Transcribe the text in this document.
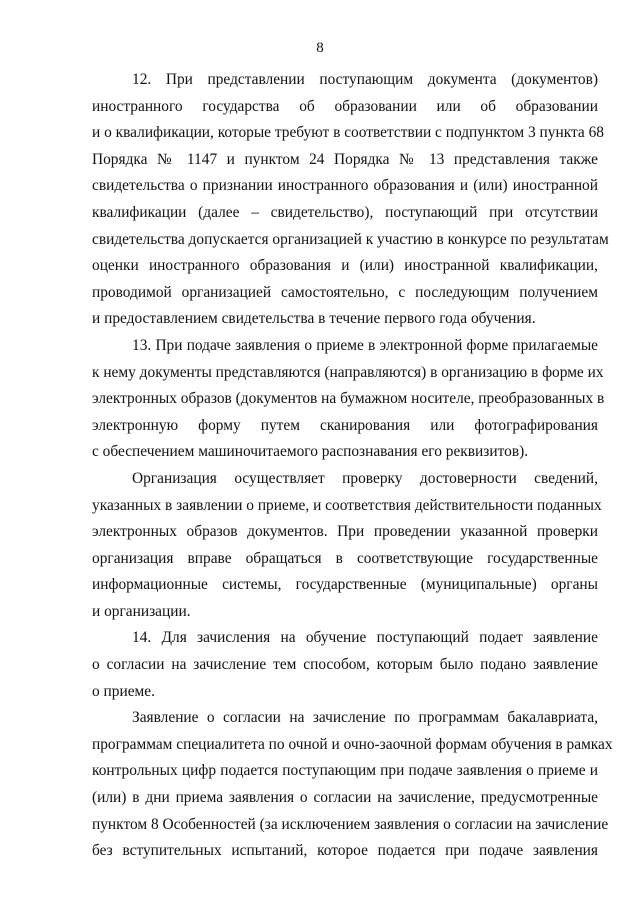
8
12. При представлении поступающим документа (документов)
иностранного государства об образовании или об образовании
и о квалификации, которые требуют в соответствии с подпунктом 3 пункта 68
Порядка № 1147 и пунктом 24 Порядка № 13 представления также
свидетельства о признании иностранного образования и (или) иностранной
квалификации (далее – свидетельство), поступающий при отсутствии
свидетельства допускается организацией к участию в конкурсе по результатам
оценки иностранного образования и (или) иностранной квалификации,
проводимой организацией самостоятельно, с последующим получением
и предоставлением свидетельства в течение первого года обучения.
13. При подаче заявления о приеме в электронной форме прилагаемые
к нему документы представляются (направляются) в организацию в форме их
электронных образов (документов на бумажном носителе, преобразованных в
электронную форму путем сканирования или фотографирования
с обеспечением машиночитаемого распознавания его реквизитов).
Организация осуществляет проверку достоверности сведений,
указанных в заявлении о приеме, и соответствия действительности поданных
электронных образов документов. При проведении указанной проверки
организация вправе обращаться в соответствующие государственные
информационные системы, государственные (муниципальные) органы
и организации.
14. Для зачисления на обучение поступающий подает заявление
о согласии на зачисление тем способом, которым было подано заявление
о приеме.
Заявление о согласии на зачисление по программам бакалавриата,
программам специалитета по очной и очно-заочной формам обучения в рамках
контрольных цифр подается поступающим при подаче заявления о приеме и
(или) в дни приема заявления о согласии на зачисление, предусмотренные
пунктом 8 Особенностей (за исключением заявления о согласии на зачисление
без вступительных испытаний, которое подается при подаче заявления
